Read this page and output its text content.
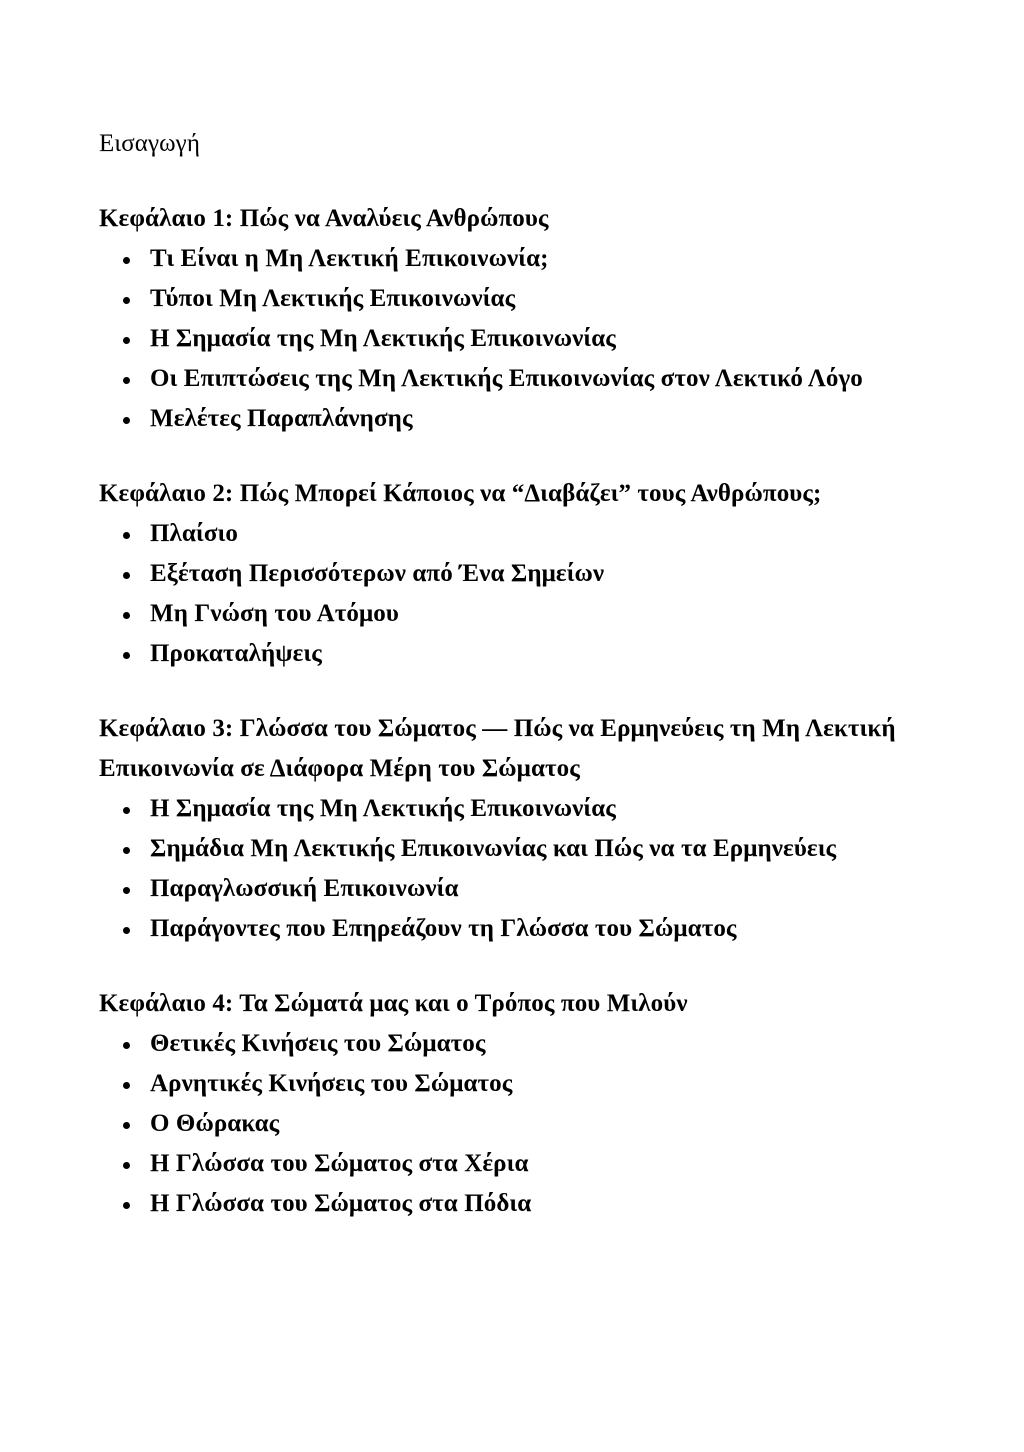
Εισαγωγή

Κεφάλαιο 1: Πώς να Αναλύεις Ανθρώπους

Τι Είναι η Μη Λεκτική Επικοινωνία;
Τύποι Μη Λεκτικής Επικοινωνίας
Η Σημασία της Μη Λεκτικής Επικοινωνίας
Οι Επιπτώσεις της Μη Λεκτικής Επικοινωνίας στον Λεκτικό Λόγο
Μελέτες Παραπλάνησης

Κεφάλαιο 2: Πώς Μπορεί Κάποιος να “Διαβάζει” τους Ανθρώπους;

Πλαίσιο
Εξέταση Περισσότερων από Ένα Σημείων
Μη Γνώση του Ατόμου
Προκαταλήψεις

Κεφάλαιο 3: Γλώσσα του Σώματος — Πώς να Ερμηνεύεις τη Μη Λεκτική Επικοινωνία σε Διάφορα Μέρη του Σώματος

Η Σημασία της Μη Λεκτικής Επικοινωνίας
Σημάδια Μη Λεκτικής Επικοινωνίας και Πώς να τα Ερμηνεύεις
Παραγλωσσική Επικοινωνία
Παράγοντες που Επηρεάζουν τη Γλώσσα του Σώματος

Κεφάλαιο 4: Τα Σώματά μας και ο Τρόπος που Μιλούν

Θετικές Κινήσεις του Σώματος
Αρνητικές Κινήσεις του Σώματος
Ο Θώρακας
Η Γλώσσα του Σώματος στα Χέρια
Η Γλώσσα του Σώματος στα Πόδια
